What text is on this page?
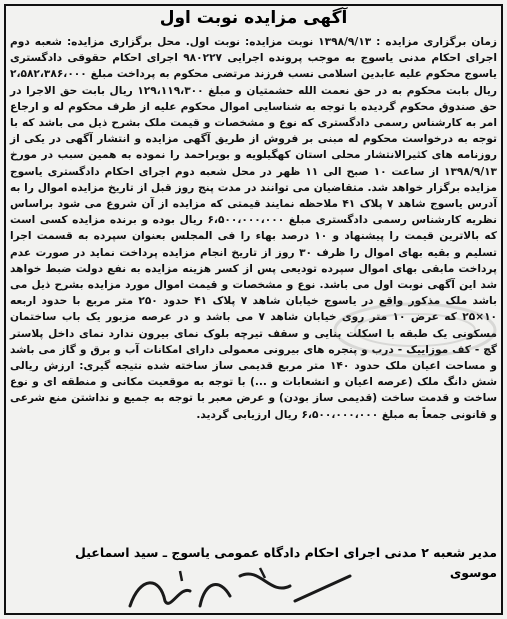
آگهی مزایده نوبت اول
زمان برگزاری مزایده : ۱۳۹۸/۹/۱۳ نوبت مزایده: نوبت اول. محل برگزاری مزایده: شعبه دوم اجرای احکام مدنی یاسوج به موجب پرونده اجرایی ۹۸۰۲۲۷ اجرای احکام حقوقی دادگستری یاسوج محکوم علیه عابدین اسلامی نسب فرزند مرتضی محکوم به پرداخت مبلغ ۲،۵۸۲،۳۸۶،۰۰۰ ریال بابت محکوم به در حق نعمت الله حشمتیان و مبلغ ۱۲۹،۱۱۹،۳۰۰ ریال بابت حق الاجرا در حق صندوق محکوم گردیده با توجه به شناسایی اموال محکوم علیه از طرف محکوم له و ارجاع امر به کارشناس رسمی دادگستری که نوع و مشخصات و قیمت ملک بشرح ذیل می باشد که با توجه به درخواست محکوم له مبنی بر فروش از طریق آگهی مزایده و انتشار آگهی در یکی از روزنامه های کثیرالانتشار محلی استان کهگیلویه و بویراحمد را نموده به همین سبب در مورخ ۱۳۹۸/۹/۱۳ از ساعت ۱۰ صبح الی ۱۱ ظهر در محل شعبه دوم اجرای احکام دادگستری یاسوج مزایده برگزار خواهد شد. متقاضیان می توانند در مدت پنج روز قبل از تاریخ مزایده اموال را به آدرس یاسوج شاهد ۷ پلاک ۴۱ ملاحظه نمایند قیمتی که مزایده از آن شروع می شود براساس نظریه کارشناس رسمی دادگستری مبلغ ۶،۵۰۰،۰۰۰،۰۰۰ ریال بوده و برنده مزایده کسی است که بالاترین قیمت را پیشنهاد و ۱۰ درصد بهاء را فی المجلس بعنوان سپرده به قسمت اجرا تسلیم و بقیه بهای اموال را ظرف ۳۰ روز از تاریخ انجام مزایده پرداخت نماید در صورت عدم پرداخت مابقی بهای اموال سپرده تودیعی پس از کسر هزینه مزایده به نفع دولت ضبط خواهد شد این آگهی نوبت اول می باشد. نوع و مشخصات و قیمت اموال مورد مزایده بشرح ذیل می باشد ملک مذکور واقع در یاسوج خیابان شاهد ۷ پلاک ۴۱ حدود ۲۵۰ متر مربع با حدود اربعه ۱۰×۲۵ که عرض ۱۰ متر روی خیابان شاهد ۷ می باشد و در عرصه مزبور یک باب ساختمان مسکونی یک طبقه با اسکلت بنایی و سقف تیرچه بلوک نمای بیرون ندارد نمای داخل پلاستر گچ - کف موزاییک - درب و پنجره های بیرونی معمولی دارای امکانات آب و برق و گاز می باشد و مساحت اعیان ملک حدود ۱۴۰ متر مربع قدیمی ساز ساخته شده نتیجه گیری: ارزش ریالی شش دانگ ملک (عرصه اعیان و انشعابات و ...) با توجه به موقعیت مکانی و منطقه ای و نوع ساخت و قدمت ساخت (قدیمی ساز بودن) و عرض معبر با توجه به جمیع و نداشتن منع شرعی و قانونی جمعاً به مبلغ ۶،۵۰۰،۰۰۰،۰۰۰ ریال ارزیابی گردید.
مدیر شعبه ۲ مدنی اجرای احکام دادگاه عمومی یاسوج ـ سید اسماعیل
موسوی
